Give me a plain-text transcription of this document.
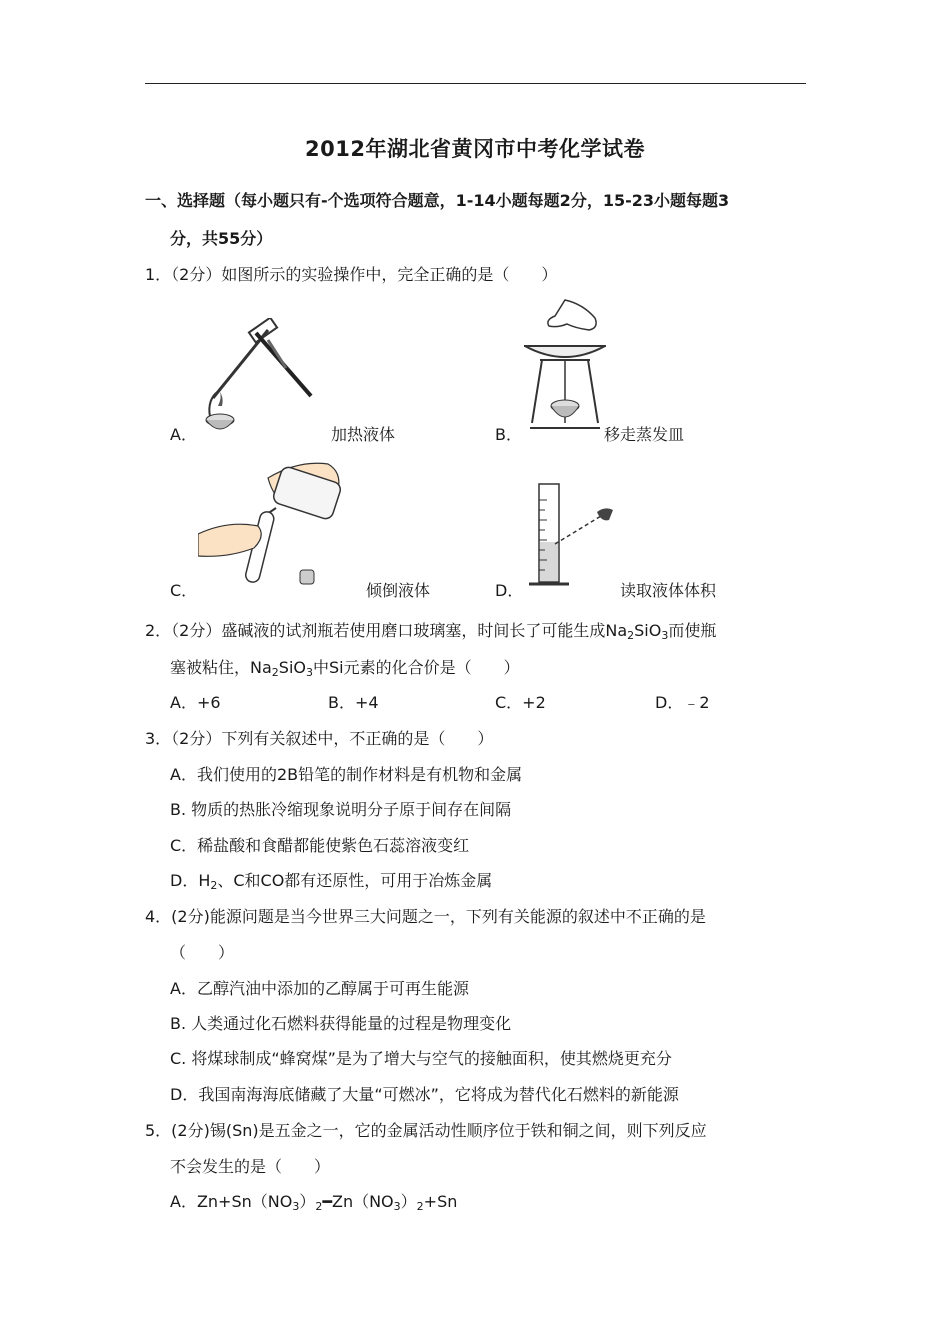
2012年湖北省黄冈市中考化学试卷
一、选择题（每小题只有-个选项符合题意，1-14小题每题2分，15-23小题每题3
分，共55分）
1．（2分）如图所示的实验操作中，完全正确的是（　　）
A．	加热液体	B．	移走蒸发皿
C．	倾倒液体	D．	读取液体体积
2．（2分）盛碱液的试剂瓶若使用磨口玻璃塞，时间长了可能生成$Na_2SiO_3$而使瓶
塞被粘住，$Na_2SiO_3$中Si元素的化合价是（　　）
A．+6	B．+4	C．+2	D．﹣2
3．（2分）下列有关叙述中，不正确的是（　　）
A．我们使用的2B铅笔的制作材料是有机物和金属
B. 物质的热胀冷缩现象说明分子原于间存在间隔
C．稀盐酸和食醋都能使紫色石蕊溶液变红
D．$H_2$、C和CO都有还原性，可用于冶炼金属
4．(2分)能源问题是当今世界三大问题之一，下列有关能源的叙述中不正确的是
（　　）
A．乙醇汽油中添加的乙醇属于可再生能源
B. 人类通过化石燃料获得能量的过程是物理变化
C. 将煤球制成“蜂窝煤”是为了增大与空气的接触面积，使其燃烧更充分
D．我国南海海底储藏了大量“可燃冰”，它将成为替代化石燃料的新能源
5．(2分)锡(Sn)是五金之一，它的金属活动性顺序位于铁和铜之间，则下列反应
不会发生的是（　　）
A．$Zn+Sn(NO_3)_2━Zn(NO_3)_2+Sn$
